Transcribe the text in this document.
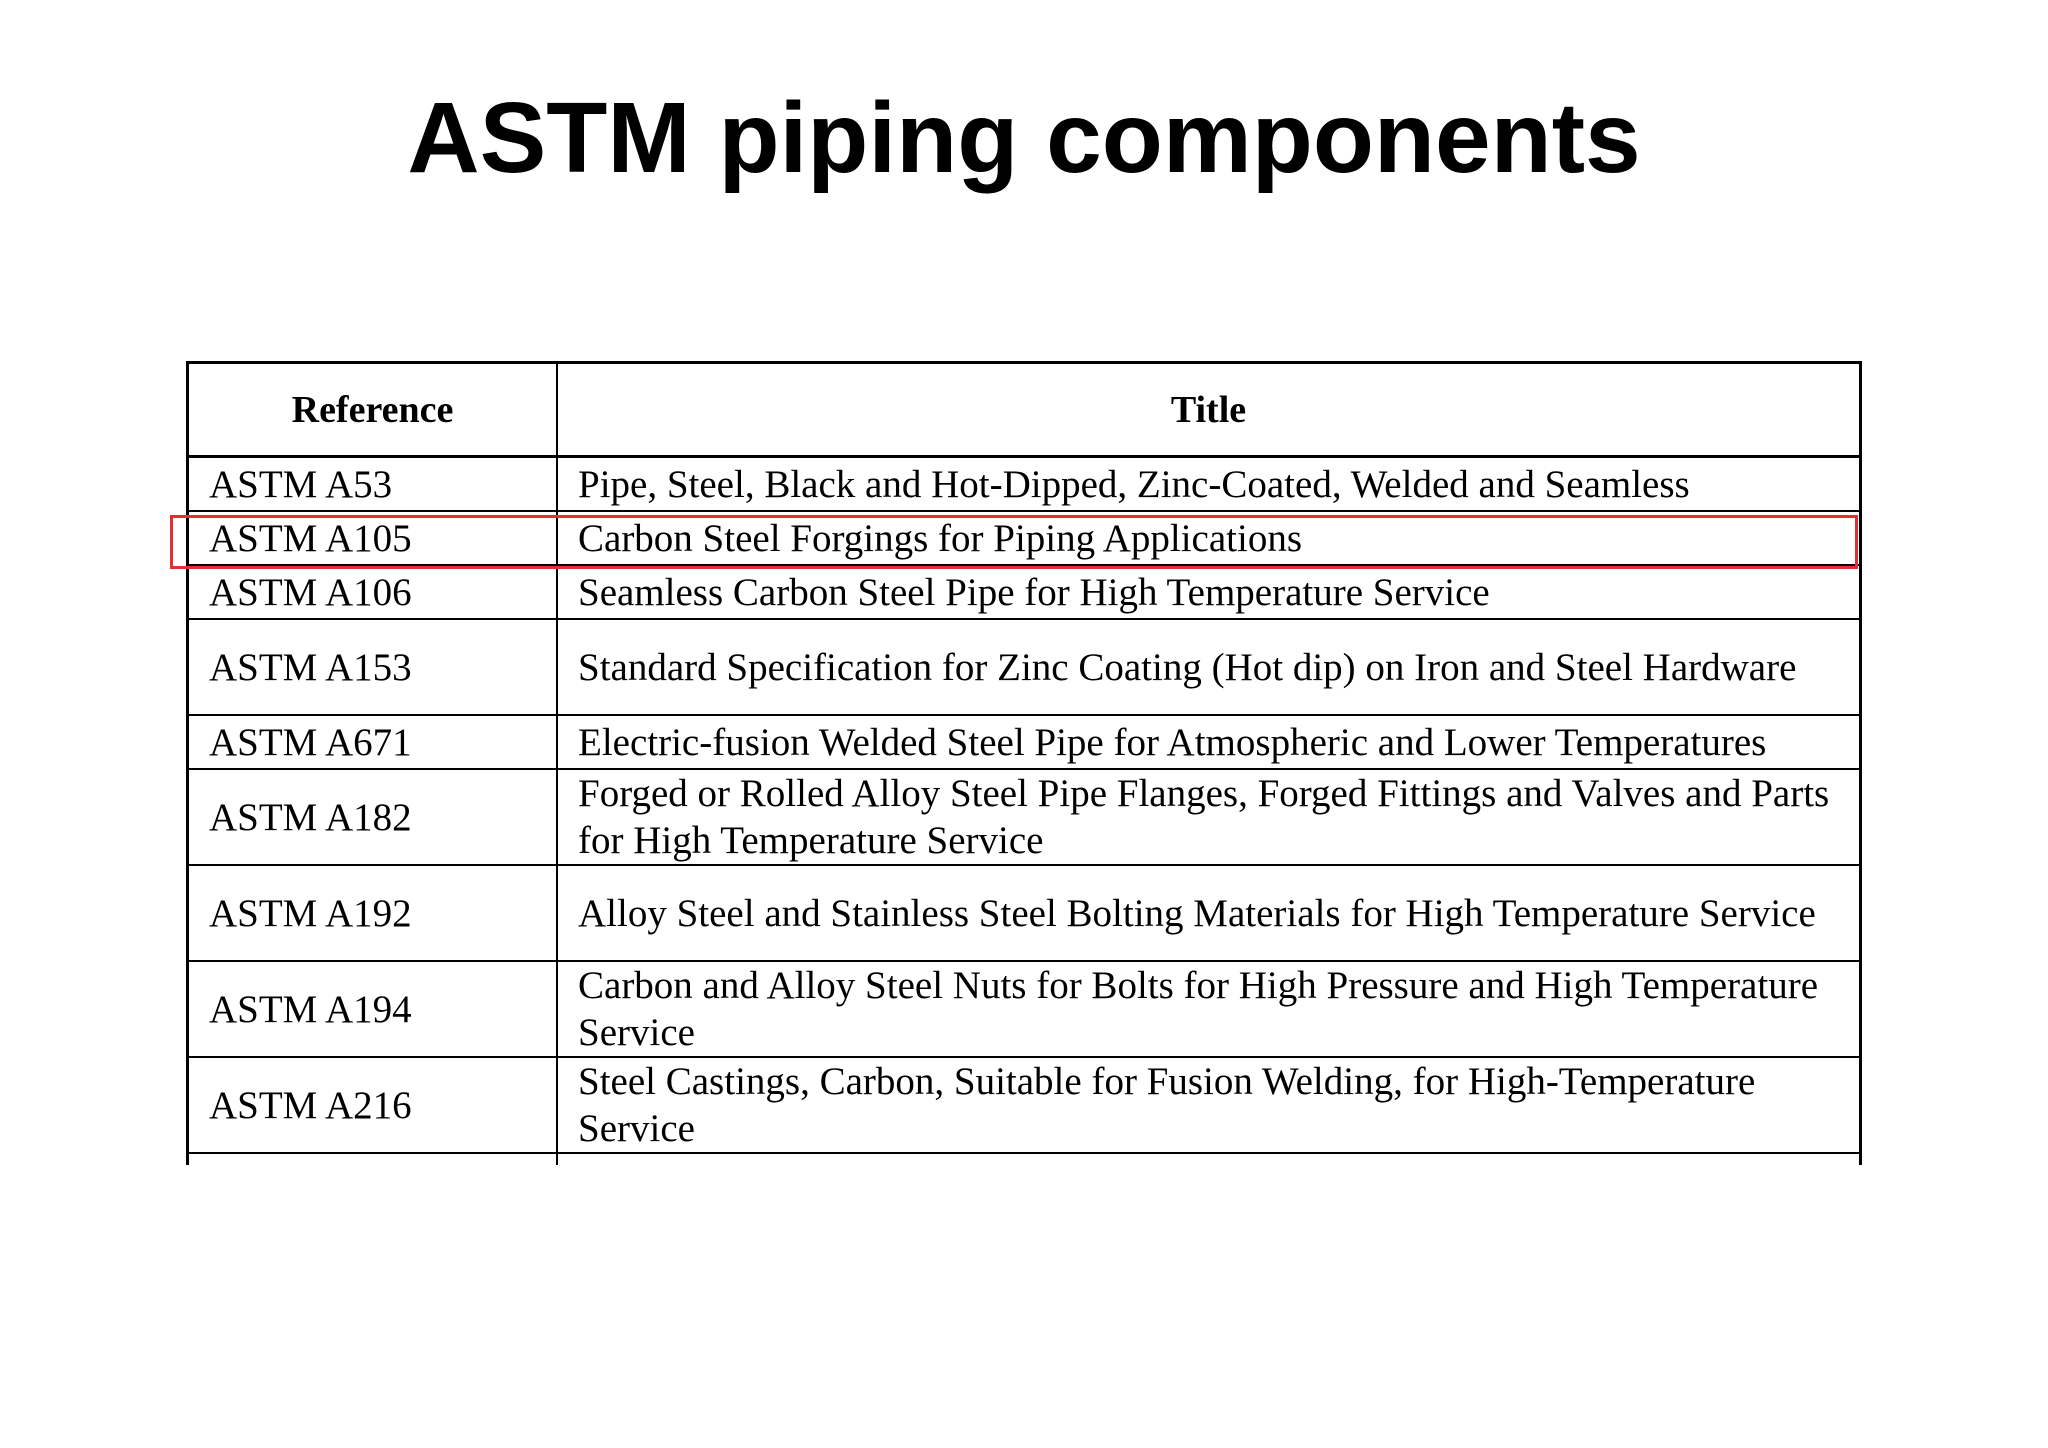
ASTM piping components
Reference	Title
ASTM A53	Pipe, Steel, Black and Hot-Dipped, Zinc-Coated, Welded and Seamless
ASTM A105	Carbon Steel Forgings for Piping Applications
ASTM A106	Seamless Carbon Steel Pipe for High Temperature Service
ASTM A153	Standard Specification for Zinc Coating (Hot dip) on Iron and Steel Hardware
ASTM A671	Electric-fusion Welded Steel Pipe for Atmospheric and Lower Temperatures
ASTM A182	Forged or Rolled Alloy Steel Pipe Flanges, Forged Fittings and Valves and Parts for High Temperature Service
ASTM A192	Alloy Steel and Stainless Steel Bolting Materials for High Temperature Service
ASTM A194	Carbon and Alloy Steel Nuts for Bolts for High Pressure and High Temperature Service
ASTM A216	Steel Castings, Carbon, Suitable for Fusion Welding, for High-Temperature Service
